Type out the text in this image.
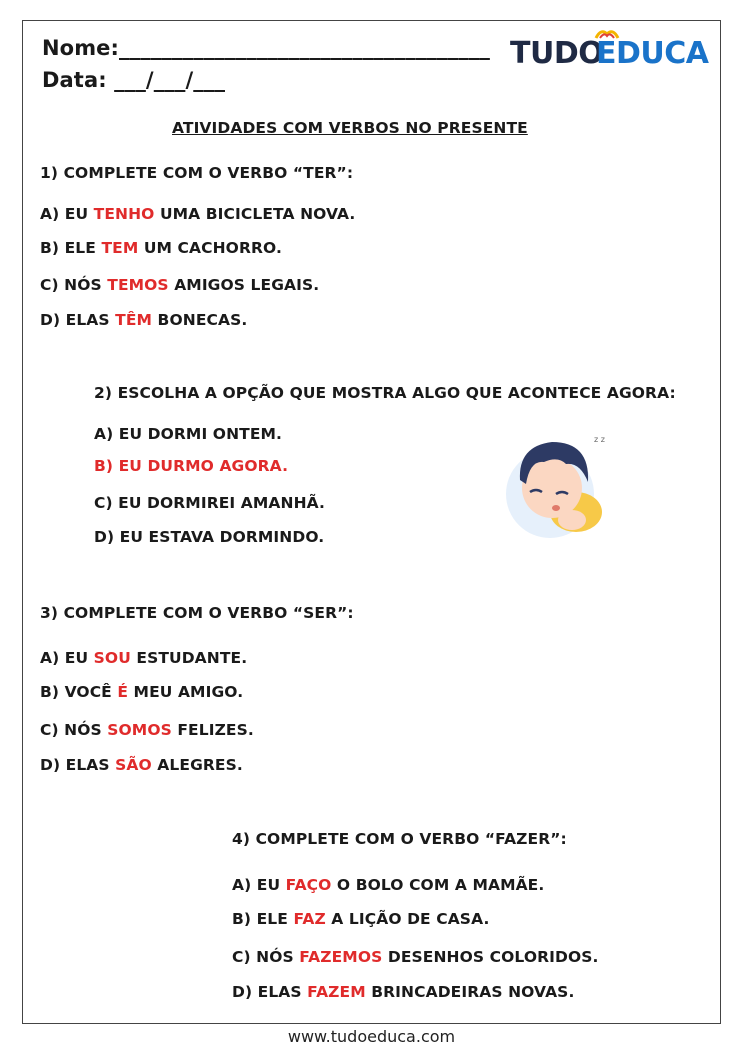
Nome:___________________________________
Data: ___/___/___
TUDO
EDUCA
ATIVIDADES COM VERBOS NO PRESENTE
1) COMPLETE COM O VERBO “TER”:
A) EU TENHO UMA BICICLETA NOVA.
B) ELE TEM UM CACHORRO.
C) NÓS TEMOS AMIGOS LEGAIS.
D) ELAS TÊM BONECAS.
2) ESCOLHA A OPÇÃO QUE MOSTRA ALGO QUE ACONTECE AGORA:
A) EU DORMI ONTEM.
B) EU DURMO AGORA.
C) EU DORMIREI AMANHÃ.
D) EU ESTAVA DORMINDO.
z z
3) COMPLETE COM O VERBO “SER”:
A) EU SOU ESTUDANTE.
B) VOCÊ É MEU AMIGO.
C) NÓS SOMOS FELIZES.
D) ELAS SÃO ALEGRES.
4) COMPLETE COM O VERBO “FAZER”:
A) EU FAÇO O BOLO COM A MAMÃE.
B) ELE FAZ A LIÇÃO DE CASA.
C) NÓS FAZEMOS DESENHOS COLORIDOS.
D) ELAS FAZEM BRINCADEIRAS NOVAS.
www.tudoeduca.com
